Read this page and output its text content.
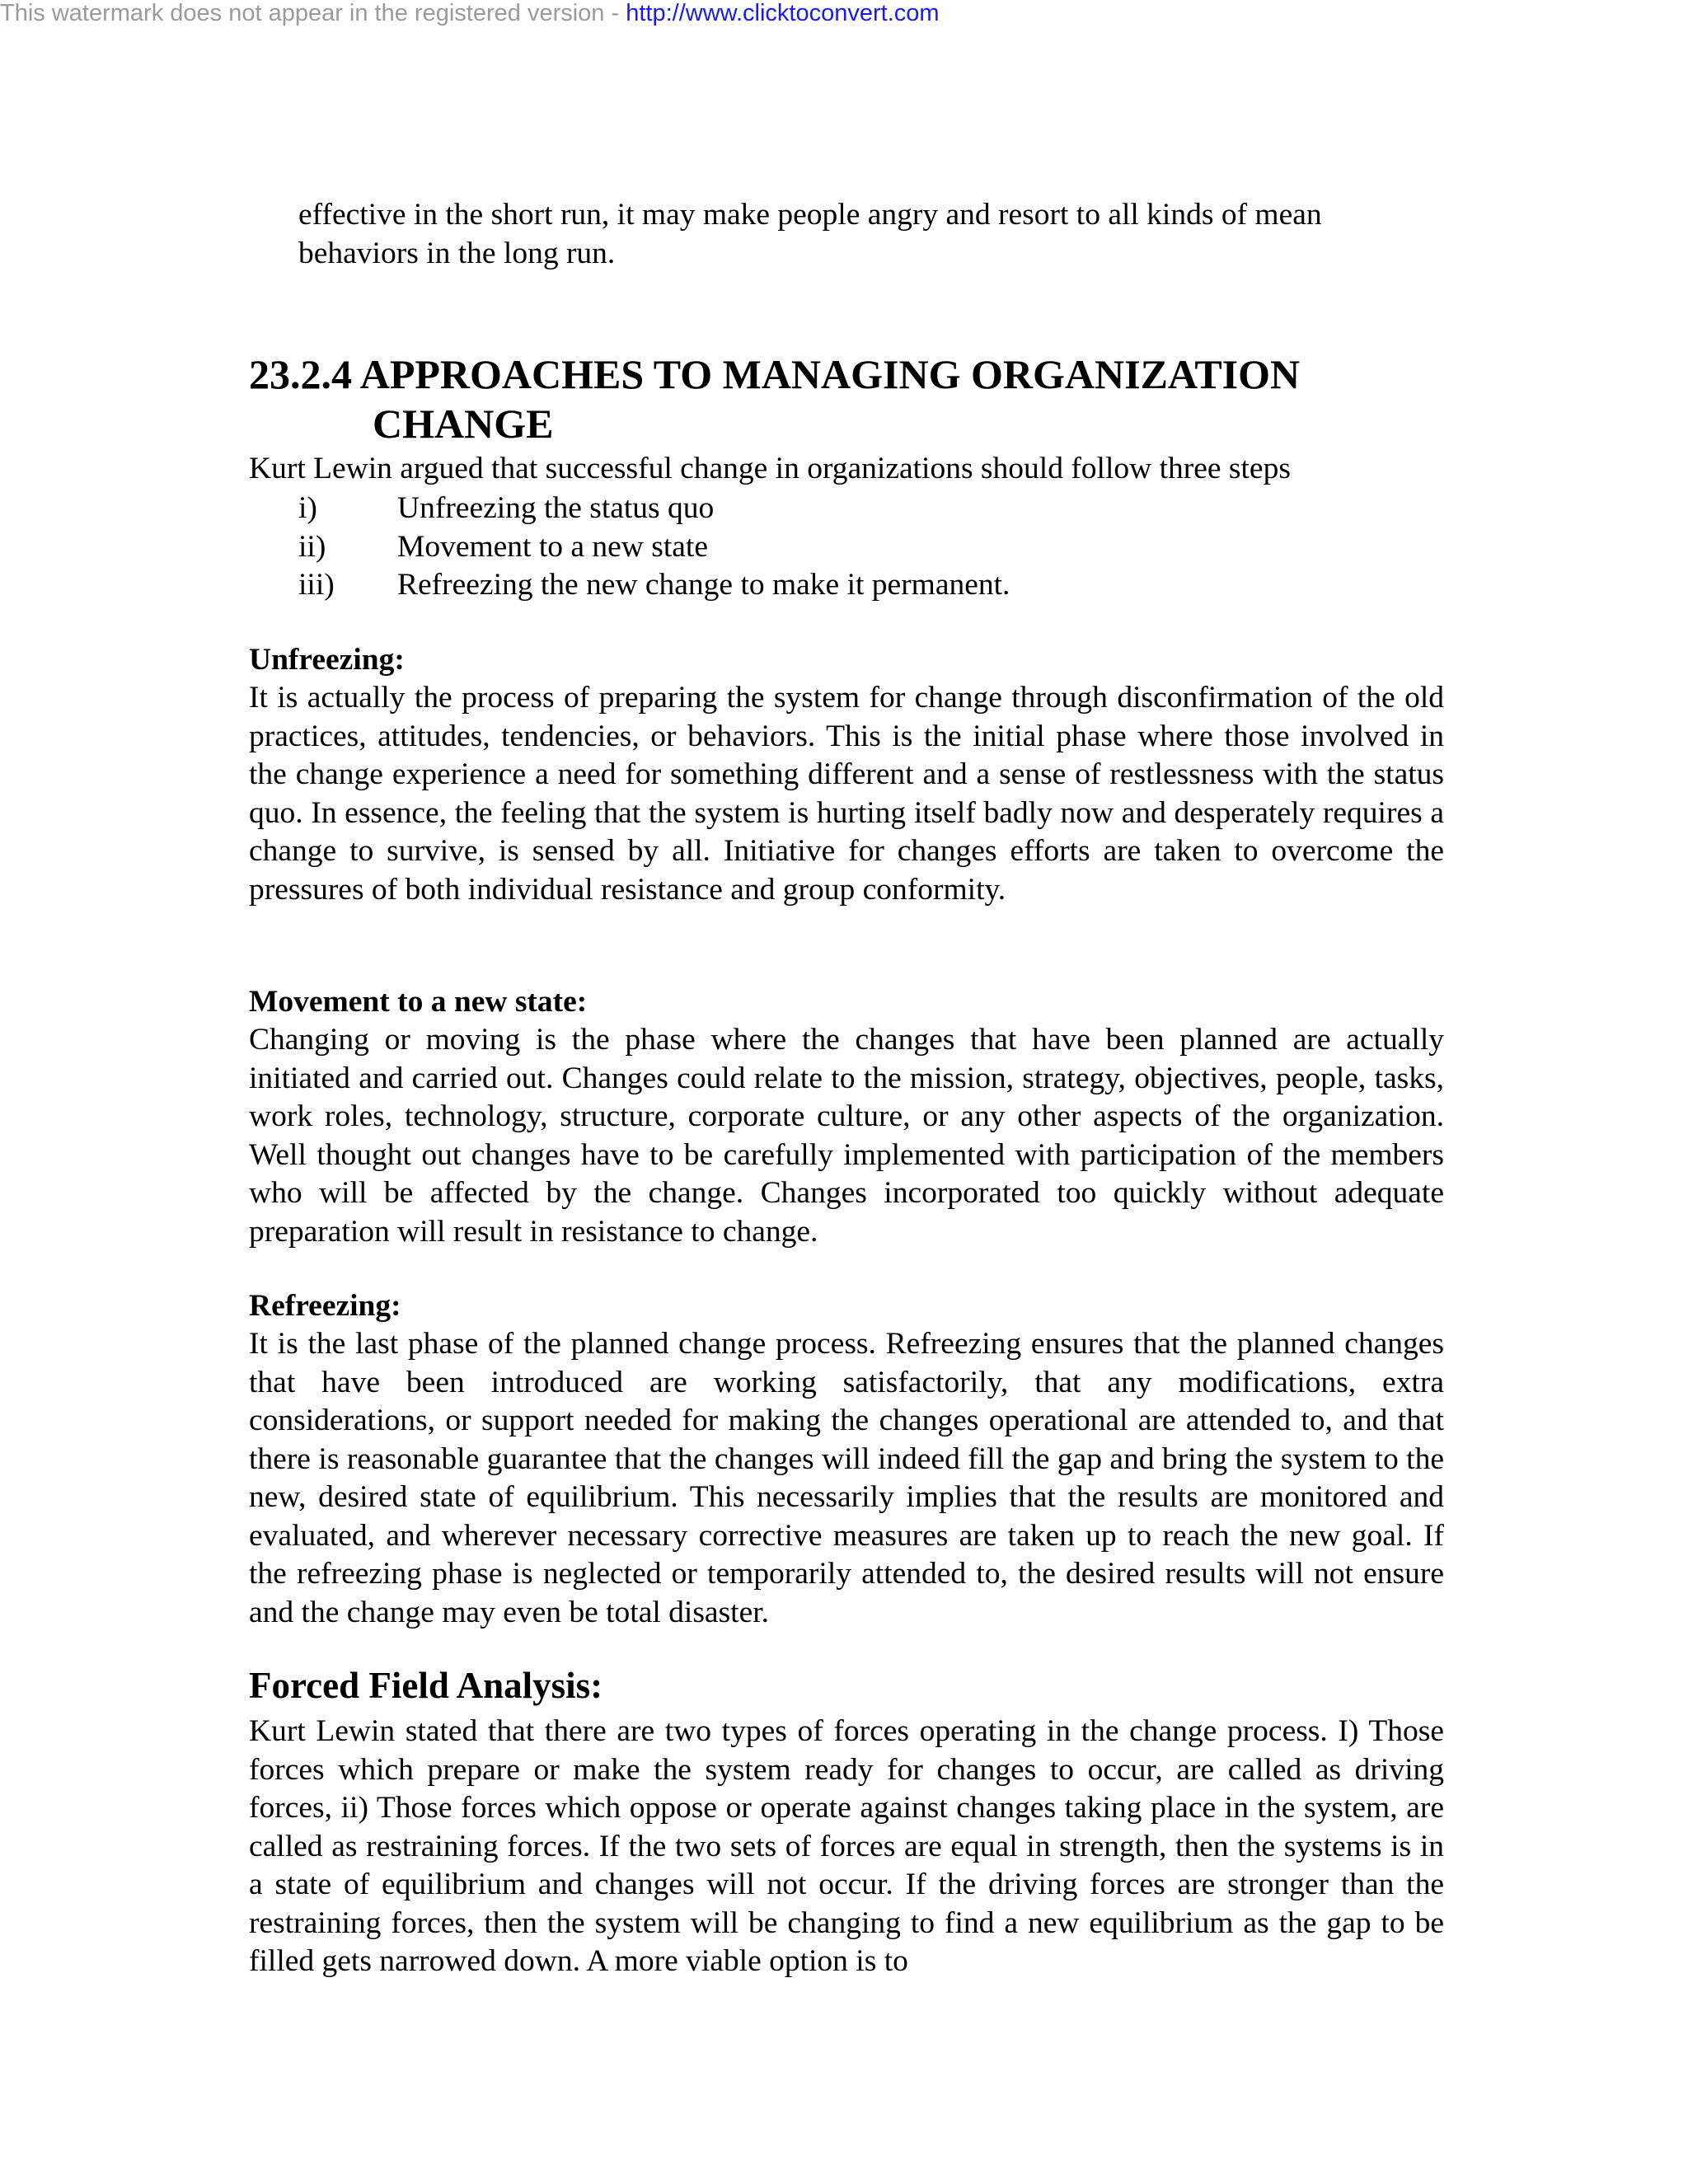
This watermark does not appear in the registered version - http://www.clicktoconvert.com
effective in the short run, it may make people angry and resort to all kinds of mean behaviors in the long run.
23.2.4 APPROACHES TO MANAGING ORGANIZATION
CHANGE
Kurt Lewin argued that successful change in organizations should follow three steps
i)	Unfreezing the status quo
ii)	Movement to a new state
iii)	Refreezing the new change to make it permanent.
Unfreezing:
It is actually the process of preparing the system for change through disconfirmation of the old practices, attitudes, tendencies, or behaviors. This is the initial phase where those involved in the change experience a need for something different and a sense of restlessness with the status quo. In essence, the feeling that the system is hurting itself badly now and desperately requires a change to survive, is sensed by all. Initiative for changes efforts are taken to overcome the pressures of both individual resistance and group conformity.
Movement to a new state:
Changing or moving is the phase where the changes that have been planned are actually initiated and carried out. Changes could relate to the mission, strategy, objectives, people, tasks, work roles, technology, structure, corporate culture, or any other aspects of the organization. Well thought out changes have to be carefully implemented with participation of the members who will be affected by the change. Changes incorporated too quickly without adequate preparation will result in resistance to change.
Refreezing:
It is the last phase of the planned change process. Refreezing ensures that the planned changes that have been introduced are working satisfactorily, that any modifications, extra considerations, or support needed for making the changes operational are attended to, and that there is reasonable guarantee that the changes will indeed fill the gap and bring the system to the new, desired state of equilibrium. This necessarily implies that the results are monitored and evaluated, and wherever necessary corrective measures are taken up to reach the new goal. If the refreezing phase is neglected or temporarily attended to, the desired results will not ensure and the change may even be total disaster.
Forced Field Analysis:
Kurt Lewin stated that there are two types of forces operating in the change process. I) Those forces which prepare or make the system ready for changes to occur, are called as driving forces, ii) Those forces which oppose or operate against changes taking place in the system, are called as restraining forces. If the two sets of forces are equal in strength, then the systems is in a state of equilibrium and changes will not occur. If the driving forces are stronger than the restraining forces, then the system will be changing to find a new equilibrium as the gap to be filled gets narrowed down. A more viable option is to
